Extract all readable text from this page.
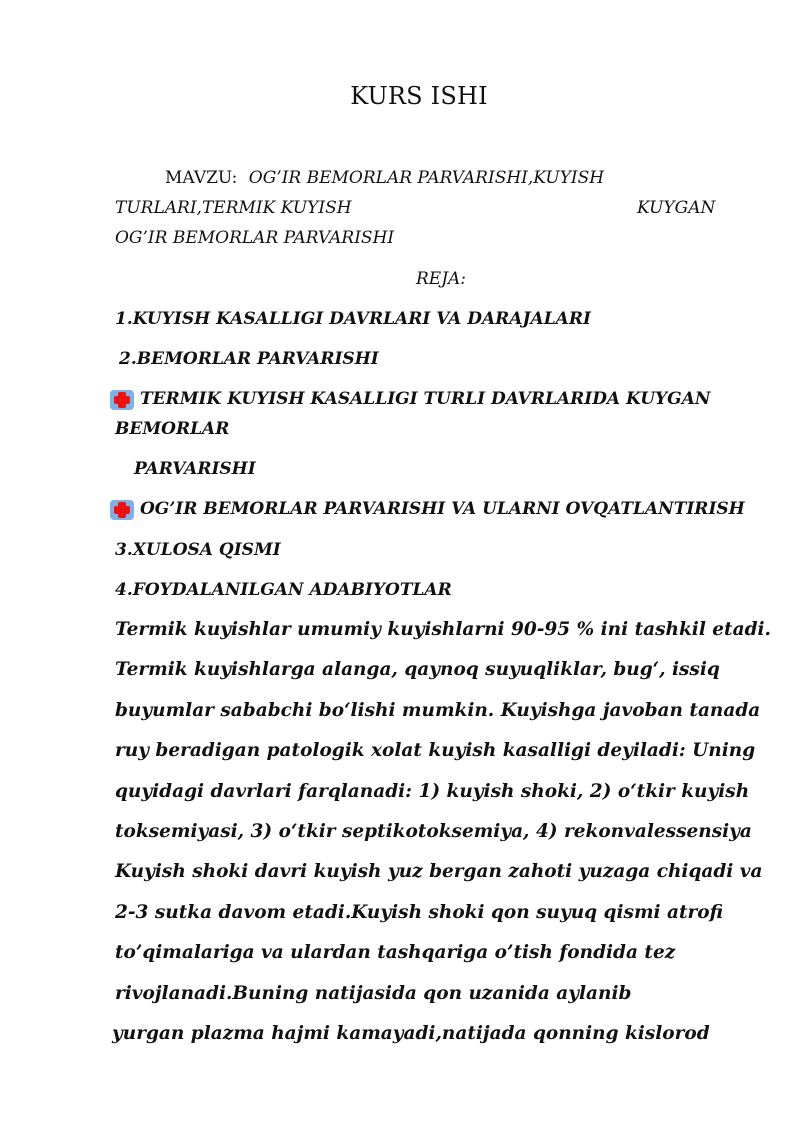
KURS ISHI
MAVZU: OG’IR BEMORLAR PARVARISHI,KUYISH
TURLARI,TERMIK KUYISH	KUYGAN
OG’IR BEMORLAR PARVARISHI
REJA:
1.KUYISH KASALLIGI DAVRLARI VA DARAJALARI
2.BEMORLAR PARVARISHI
TERMIK KUYISH KASALLIGI TURLI DAVRLARIDA KUYGAN
BEMORLAR
PARVARISHI
OG’IR BEMORLAR PARVARISHI VA ULARNI OVQATLANTIRISH
3.XULOSA QISMI
4.FOYDALANILGAN ADABIYOTLAR
Termik kuyishlar umumiy kuyishlarni 90-95 % ini tashkil etadi.
Termik kuyishlarga alanga, qaynoq suyuqliklar, bug‘, issiq
buyumlar sababchi bo‘lishi mumkin. Kuyishga javoban tanada
ruy beradigan patologik xolat kuyish kasalligi deyiladi: Uning
quyidagi davrlari farqlanadi: 1) kuyish shoki, 2) o‘tkir kuyish
toksemiyasi, 3) o‘tkir septikotoksemiya, 4) rekonvalessensiya
Kuyish shoki davri kuyish yuz bergan zahoti yuzaga chiqadi va
2-3 sutka davom etadi.Kuyish shoki qon suyuq qismi atrofi
to’qimalariga va ulardan tashqariga o’tish fondida tez
rivojlanadi.Buning natijasida qon uzanida aylanib
yurgan plazma hajmi kamayadi,natijada qonning kislorod
